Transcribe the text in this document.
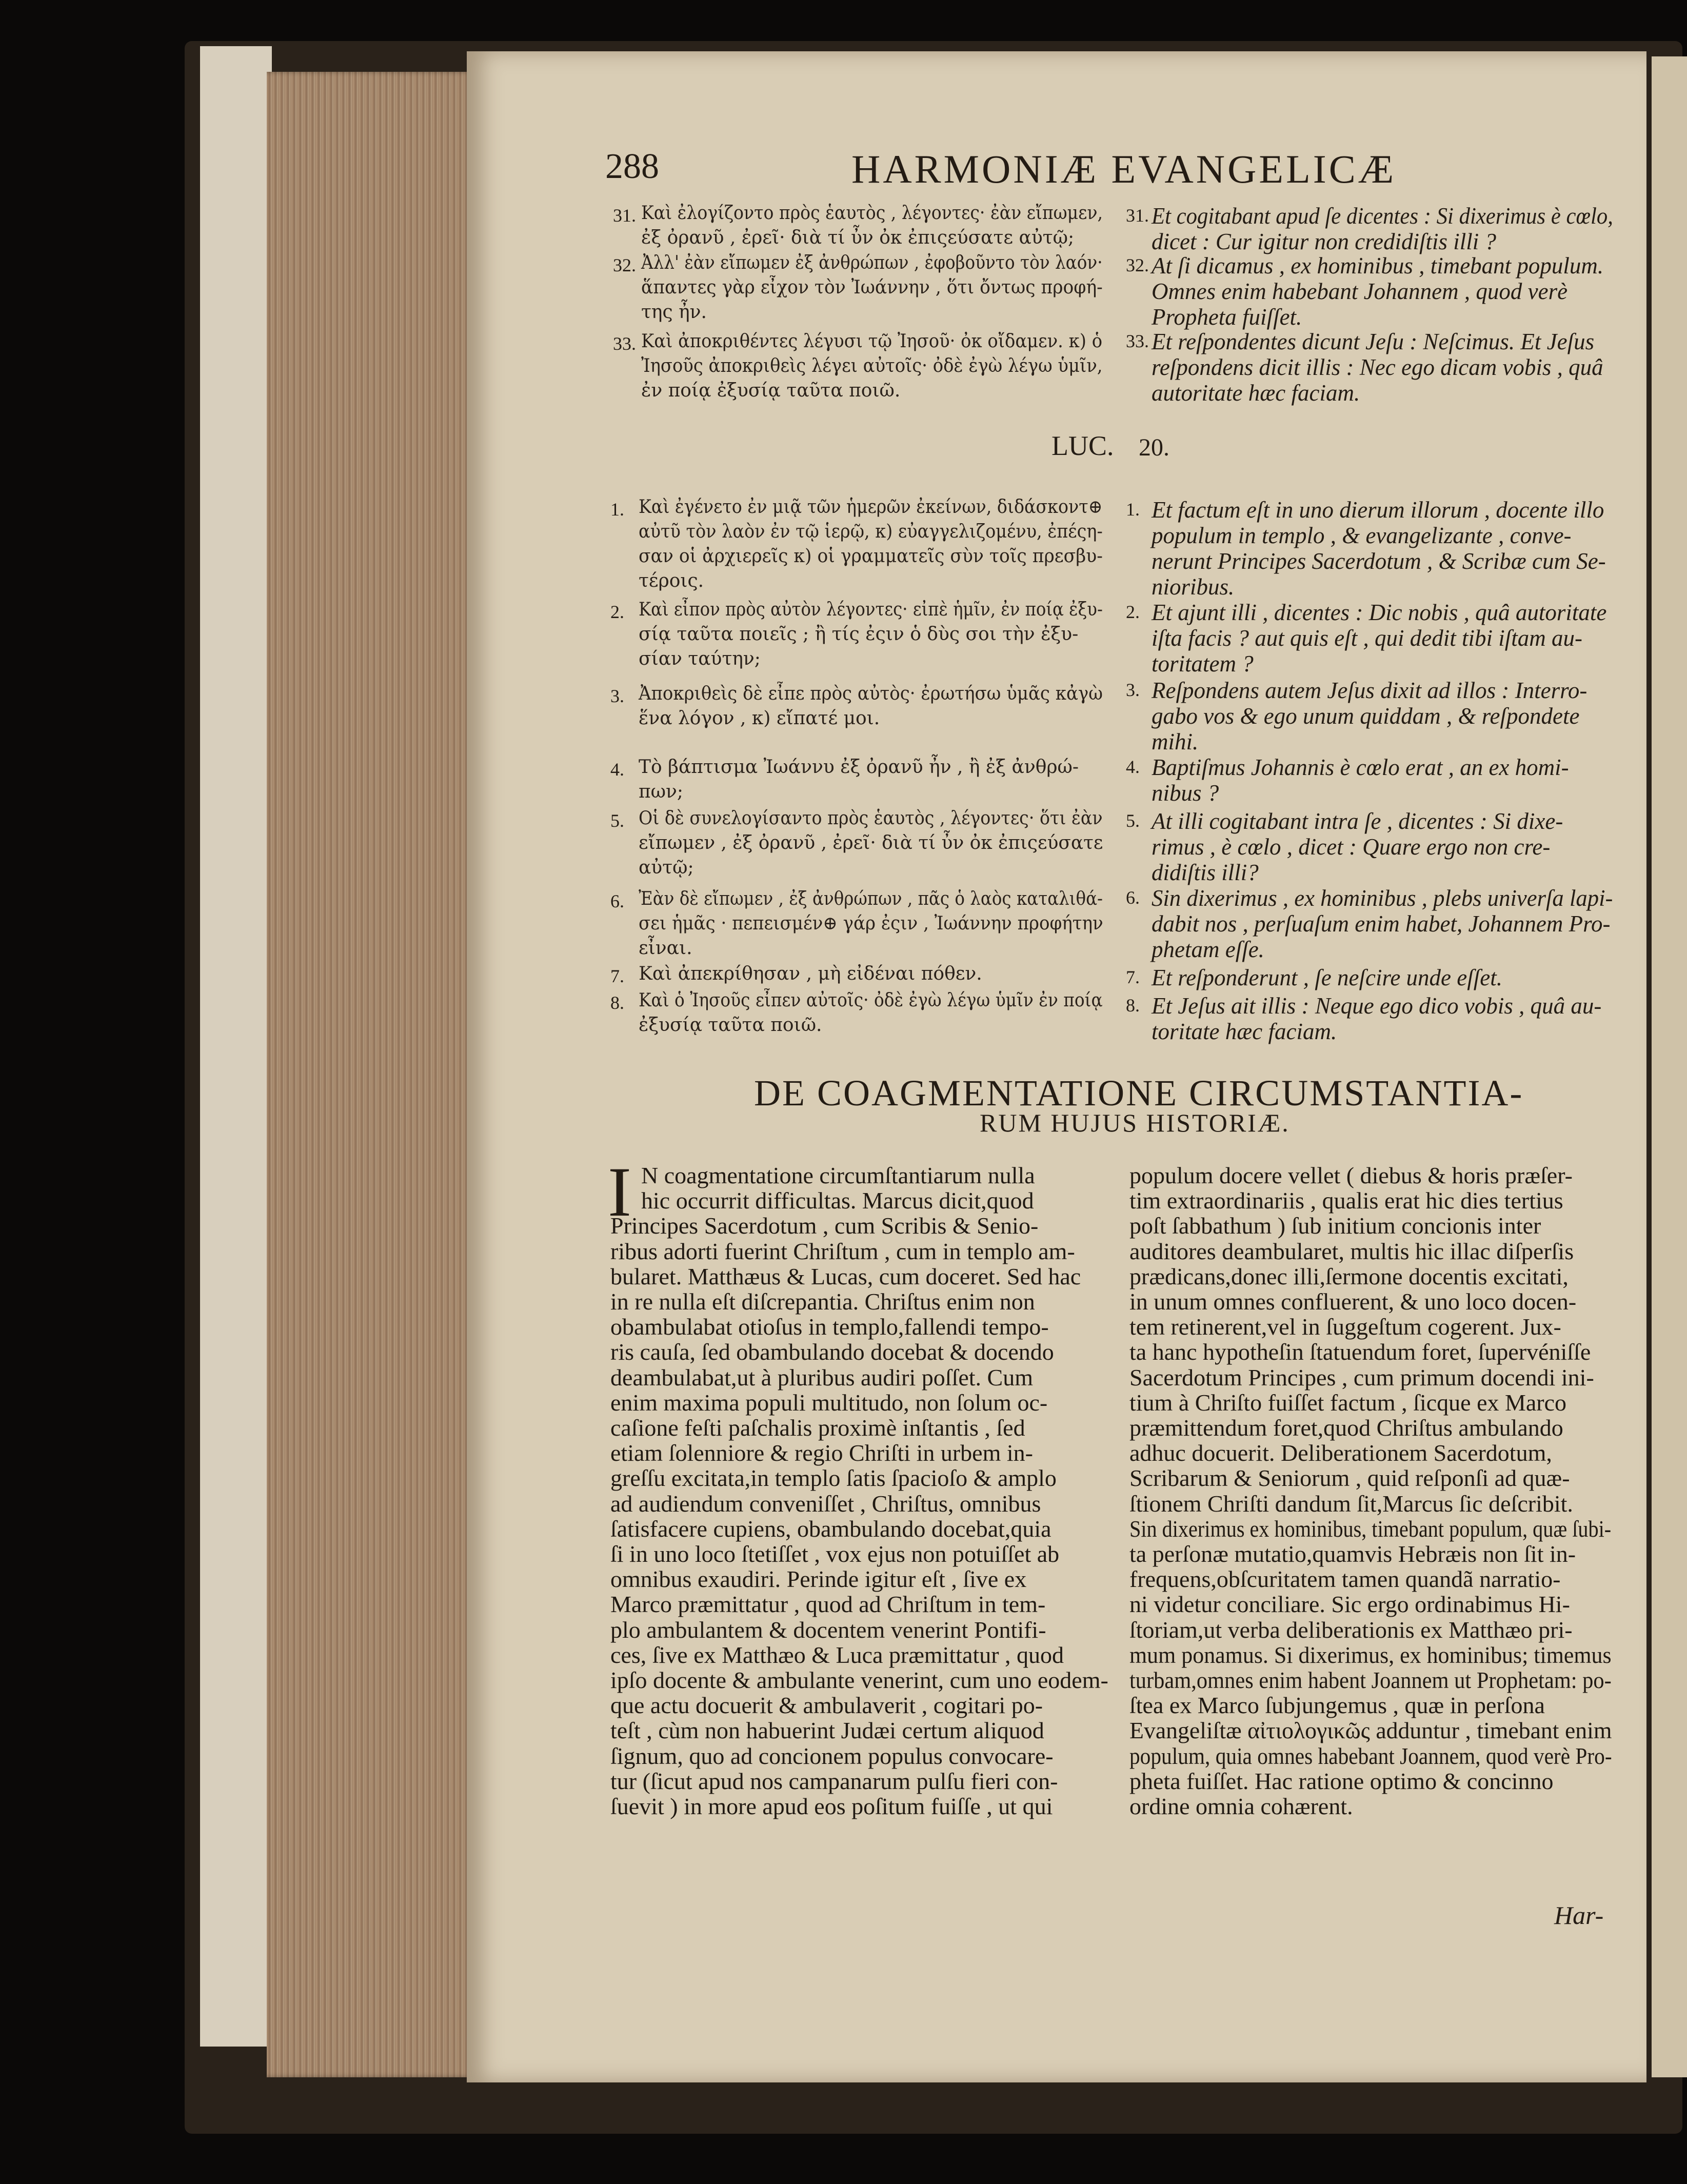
288	HARMONIÆ EVANGELICÆ
31. Καὶ ἐλογίζοντο πρὸς ἑαυτὸς , λέγοντες· ἐὰν εἴπωμεν,
ἐξ ὀρανῦ , ἐρεῖ· διὰ τί ὖν ὀκ ἐπιςεύσατε αὐτῷ;
32. Ἀλλ' ἐὰν εἴπωμεν ἐξ ἀνθρώπων , ἐφοβοῦντο τὸν λαόν·
ἅπαντες γὰρ εἶχον τὸν Ἰωάννην , ὅτι ὄντως προφή-
της ἦν.
33. Καὶ ἀποκριθέντες λέγυσι τῷ Ἰησοῦ· ὀκ οἴδαμεν. κ) ὁ
Ἰησοῦς ἀποκριθεὶς λέγει αὐτοῖς· ὀδὲ ἐγὼ λέγω ὑμῖν,
ἐν ποίᾳ ἐξυσίᾳ ταῦτα ποιῶ.
31. Et cogitabant apud ſe dicentes : Si dixerimus è cœlo,
dicet : Cur igitur non credidiſtis illi ?
32. At ſi dicamus , ex hominibus , timebant populum.
Omnes enim habebant Johannem , quod verè
Propheta fuiſſet.
33. Et reſpondentes dicunt Jeſu : Neſcimus. Et Jeſus
reſpondens dicit illis : Nec ego dicam vobis , quâ
autoritate hæc faciam.
LUC. 20.
1. Καὶ ἐγένετο ἐν μιᾷ τῶν ἡμερῶν ἐκείνων, διδάσκοντ⊕
αὐτῦ τὸν λαὸν ἐν τῷ ἱερῷ, κ) εὐαγγελιζομένυ, ἐπέςη-
σαν οἱ ἀρχιερεῖς κ) οἱ γραμματεῖς σὺν τοῖς πρεσβυ-
τέροις.
2. Καὶ εἶπον πρὸς αὐτὸν λέγοντες· εἰπὲ ἡμῖν, ἐν ποίᾳ ἐξυ-
σίᾳ ταῦτα ποιεῖς ; ἢ τίς ἐςιν ὁ δὺς σοι τὴν ἐξυ-
σίαν ταύτην;
3. Ἀποκριθεὶς δὲ εἶπε πρὸς αὐτὸς· ἐρωτήσω ὑμᾶς κἀγὼ
ἕνα λόγον , κ) εἴπατέ μοι.
4. Τὸ βάπτισμα Ἰωάννυ ἐξ ὀρανῦ ἦν , ἢ ἐξ ἀνθρώ-
πων;
5. Οἱ δὲ συνελογίσαντο πρὸς ἑαυτὸς , λέγοντες· ὅτι ἐὰν
εἴπωμεν , ἐξ ὀρανῦ , ἐρεῖ· διὰ τί ὖν ὀκ ἐπιςεύσατε
αὐτῷ;
6. Ἐὰν δὲ εἴπωμεν , ἐξ ἀνθρώπων , πᾶς ὁ λαὸς καταλιθά-
σει ἡμᾶς · πεπεισμέν⊕ γάρ ἐςιν , Ἰωάννην προφήτην
εἶναι.
7. Καὶ ἀπεκρίθησαν , μὴ εἰδέναι πόθεν.
8. Καὶ ὁ Ἰησοῦς εἶπεν αὐτοῖς· ὀδὲ ἐγὼ λέγω ὑμῖν ἐν ποίᾳ
ἐξυσίᾳ ταῦτα ποιῶ.
1. Et factum eſt in uno dierum illorum , docente illo
populum in templo , & evangelizante , conve-
nerunt Principes Sacerdotum , & Scribæ cum Se-
nioribus.
2. Et ajunt illi , dicentes : Dic nobis , quâ autoritate
iſta facis ? aut quis eſt , qui dedit tibi iſtam au-
toritatem ?
3. Reſpondens autem Jeſus dixit ad illos : Interro-
gabo vos & ego unum quiddam , & reſpondete
mihi.
4. Baptiſmus Johannis è cœlo erat , an ex homi-
nibus ?
5. At illi cogitabant intra ſe , dicentes : Si dixe-
rimus , è cœlo , dicet : Quare ergo non cre-
didiſtis illi?
6. Sin dixerimus , ex hominibus , plebs univerſa lapi-
dabit nos , perſuaſum enim habet, Johannem Pro-
phetam eſſe.
7. Et reſponderunt , ſe neſcire unde eſſet.
8. Et Jeſus ait illis : Neque ego dico vobis , quâ au-
toritate hæc faciam.
DE COAGMENTATIONE CIRCUMSTANTIA-
RUM HUJUS HISTORIÆ.
I N coagmentatione circumſtantiarum nulla
hic occurrit difficultas. Marcus dicit,quod
Principes Sacerdotum , cum Scribis & Senio-
ribus adorti fuerint Chriſtum , cum in templo am-
bularet. Matthæus & Lucas, cum doceret. Sed hac
in re nulla eſt diſcrepantia. Chriſtus enim non
obambulabat otioſus in templo,fallendi tempo-
ris cauſa, ſed obambulando docebat & docendo
deambulabat,ut à pluribus audiri poſſet. Cum
enim maxima populi multitudo, non ſolum oc-
caſione feſti paſchalis proximè inſtantis , ſed
etiam ſolenniore & regio Chriſti in urbem in-
greſſu excitata,in templo ſatis ſpacioſo & amplo
ad audiendum conveniſſet , Chriſtus, omnibus
ſatisfacere cupiens, obambulando docebat,quia
ſi in uno loco ſtetiſſet , vox ejus non potuiſſet ab
omnibus exaudiri. Perinde igitur eſt , ſive ex
Marco præmittatur , quod ad Chriſtum in tem-
plo ambulantem & docentem venerint Pontifi-
ces, ſive ex Matthæo & Luca præmittatur , quod
ipſo docente & ambulante venerint, cum uno eodem-
que actu docuerit & ambulaverit , cogitari po-
teſt , cùm non habuerint Judæi certum aliquod
ſignum, quo ad concionem populus convocare-
tur (ſicut apud nos campanarum pulſu fieri con-
ſuevit ) in more apud eos poſitum fuiſſe , ut qui
populum docere vellet ( diebus & horis præſer-
tim extraordinariis , qualis erat hic dies tertius
poſt ſabbathum ) ſub initium concionis inter
auditores deambularet, multis hic illac diſperſis
prædicans,donec illi,ſermone docentis excitati,
in unum omnes confluerent, & uno loco docen-
tem retinerent,vel in ſuggeſtum cogerent. Jux-
ta hanc hypotheſin ſtatuendum foret, ſupervéniſſe
Sacerdotum Principes , cum primum docendi ini-
tium à Chriſto fuiſſet factum , ſicque ex Marco
præmittendum foret,quod Chriſtus ambulando
adhuc docuerit. Deliberationem Sacerdotum,
Scribarum & Seniorum , quid reſponſi ad quæ-
ſtionem Chriſti dandum ſit,Marcus ſic deſcribit.
Sin dixerimus ex hominibus, timebant populum, quæ ſubi-
ta perſonæ mutatio,quamvis Hebræis non ſit in-
frequens,obſcuritatem tamen quandã narratio-
ni videtur conciliare. Sic ergo ordinabimus Hi-
ſtoriam,ut verba deliberationis ex Matthæo pri-
mum ponamus. Si dixerimus, ex hominibus; timemus
turbam,omnes enim habent Joannem ut Prophetam: po-
ſtea ex Marco ſubjungemus , quæ in perſona
Evangeliſtæ αἰτιολογικῶς adduntur , timebant enim
populum, quia omnes habebant Joannem, quod verè Pro-
pheta fuiſſet. Hac ratione optimo & concinno
ordine omnia cohærent.
Har-
